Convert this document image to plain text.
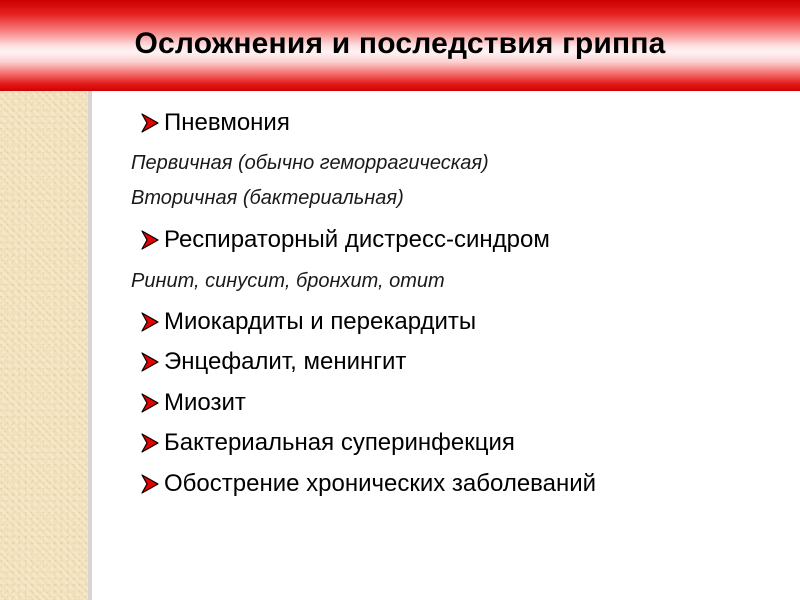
Осложнения и последствия гриппа
Пневмония
Первичная (обычно геморрагическая)
Вторичная (бактериальная)
Респираторный дистресс-синдром
Ринит, синусит, бронхит, отит
Миокардиты и перекардиты
Энцефалит, менингит
Миозит
Бактериальная суперинфекция
Обострение хронических заболеваний
